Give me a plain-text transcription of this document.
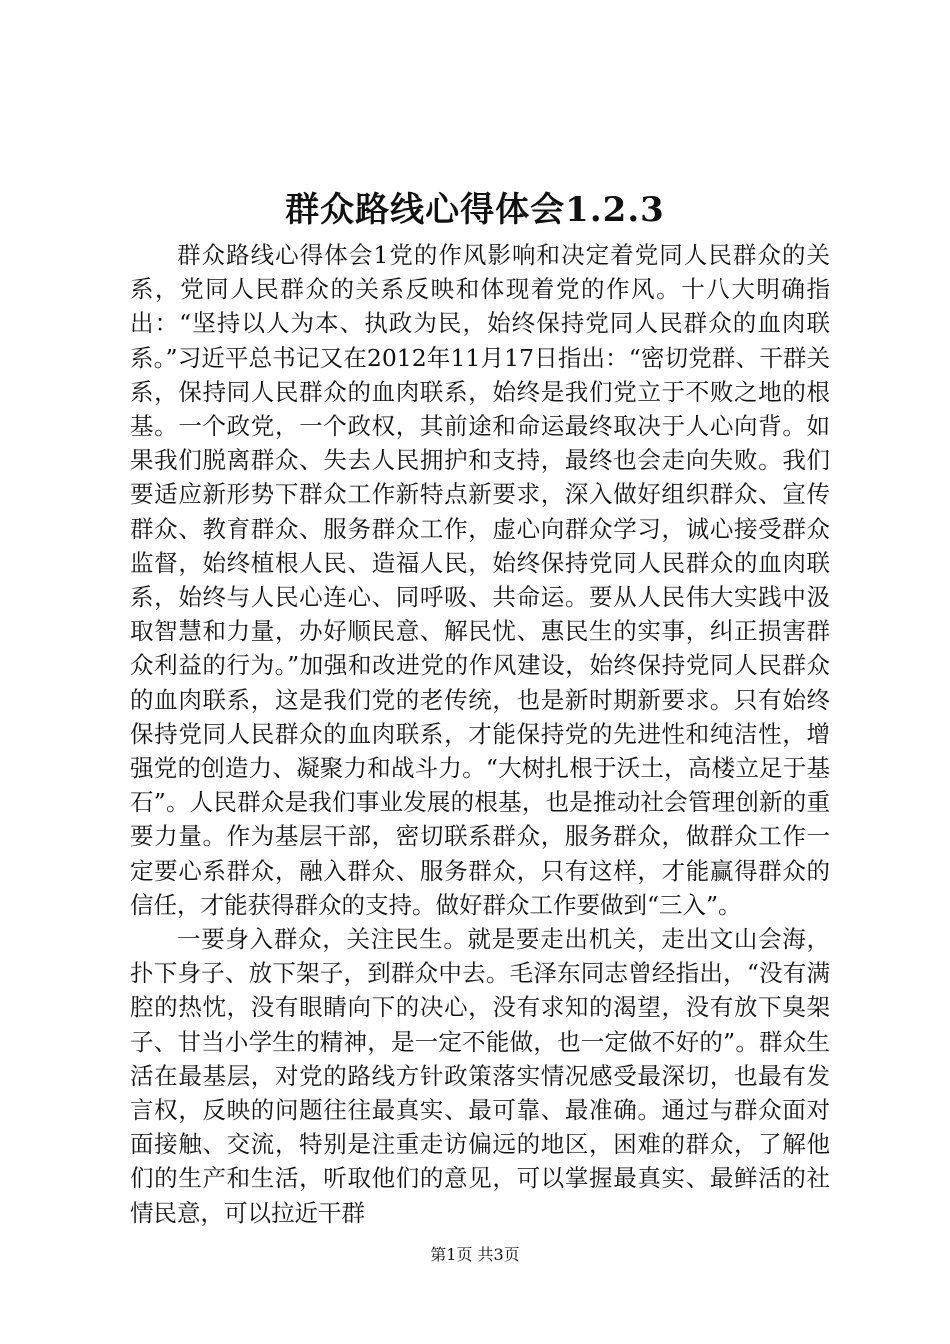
群众路线心得体会1.2.3

群众路线心得体会1党的作风影响和决定着党同人民群众的关系，党同人民群众的关系反映和体现着党的作风。十八大明确指出：“坚持以人为本、执政为民，始终保持党同人民群众的血肉联系。”习近平总书记又在2012年11月17日指出：“密切党群、干群关系，保持同人民群众的血肉联系，始终是我们党立于不败之地的根基。一个政党，一个政权，其前途和命运最终取决于人心向背。如果我们脱离群众、失去人民拥护和支持，最终也会走向失败。我们要适应新形势下群众工作新特点新要求，深入做好组织群众、宣传群众、教育群众、服务群众工作，虚心向群众学习，诚心接受群众监督，始终植根人民、造福人民，始终保持党同人民群众的血肉联系，始终与人民心连心、同呼吸、共命运。要从人民伟大实践中汲取智慧和力量，办好顺民意、解民忧、惠民生的实事，纠正损害群众利益的行为。”加强和改进党的作风建设，始终保持党同人民群众的血肉联系，这是我们党的老传统，也是新时期新要求。只有始终保持党同人民群众的血肉联系，才能保持党的先进性和纯洁性，增强党的创造力、凝聚力和战斗力。“大树扎根于沃土，高楼立足于基石”。人民群众是我们事业发展的根基，也是推动社会管理创新的重要力量。作为基层干部，密切联系群众，服务群众，做群众工作一定要心系群众，融入群众、服务群众，只有这样，才能赢得群众的信任，才能获得群众的支持。做好群众工作要做到“三入”。

一要身入群众，关注民生。就是要走出机关，走出文山会海，扑下身子、放下架子，到群众中去。毛泽东同志曾经指出，“没有满腔的热忱，没有眼睛向下的决心，没有求知的渴望，没有放下臭架子、甘当小学生的精神，是一定不能做，也一定做不好的”。群众生活在最基层，对党的路线方针政策落实情况感受最深切，也最有发言权，反映的问题往往最真实、最可靠、最准确。通过与群众面对面接触、交流，特别是注重走访偏远的地区，困难的群众，了解他们的生产和生活，听取他们的意见，可以掌握最真实、最鲜活的社情民意，可以拉近干群

第1页 共3页
